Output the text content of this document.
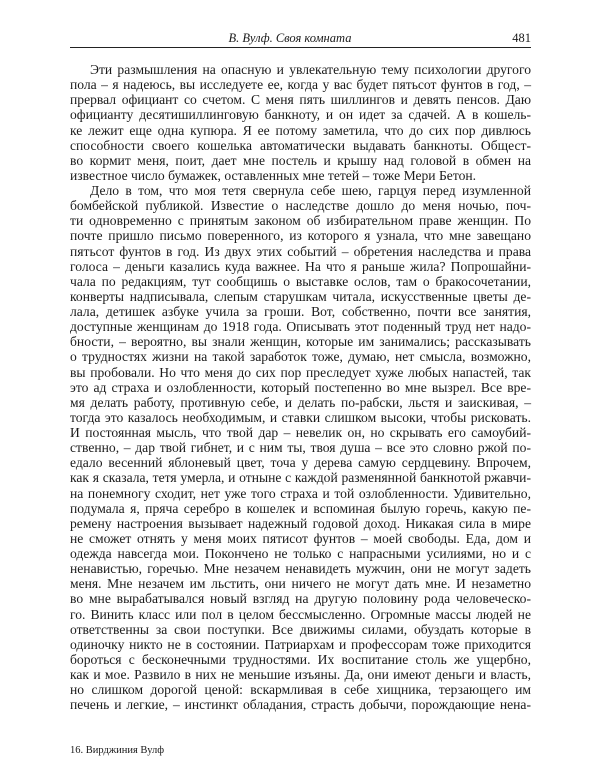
В. Вулф. Своя комната	481
Эти размышления на опасную и увлекательную тему психологии другого
пола – я надеюсь, вы исследуете ее, когда у вас будет пятьсот фунтов в год, –
прервал официант со счетом. С меня пять шиллингов и девять пенсов. Даю
официанту десятишиллинговую банкноту, и он идет за сдачей. А в кошель-
ке лежит еще одна купюра. Я ее потому заметила, что до сих пор дивлюсь
способности своего кошелька автоматически выдавать банкноты. Общест-
во кормит меня, поит, дает мне постель и крышу над головой в обмен на
известное число бумажек, оставленных мне тетей – тоже Мери Бетон.
Дело в том, что моя тетя свернула себе шею, гарцуя перед изумленной
бомбейской публикой. Известие о наследстве дошло до меня ночью, поч-
ти одновременно с принятым законом об избирательном праве женщин. По
почте пришло письмо поверенного, из которого я узнала, что мне завещано
пятьсот фунтов в год. Из двух этих событий – обретения наследства и права
голоса – деньги казались куда важнее. На что я раньше жила? Попрошайни-
чала по редакциям, тут сообщишь о выставке ослов, там о бракосочетании,
конверты надписывала, слепым старушкам читала, искусственные цветы де-
лала, детишек азбуке учила за гроши. Вот, собственно, почти все занятия,
доступные женщинам до 1918 года. Описывать этот поденный труд нет надо-
бности, – вероятно, вы знали женщин, которые им занимались; рассказывать
о трудностях жизни на такой заработок тоже, думаю, нет смысла, возможно,
вы пробовали. Но что меня до сих пор преследует хуже любых напастей, так
это ад страха и озлобленности, который постепенно во мне вызрел. Все вре-
мя делать работу, противную себе, и делать по-рабски, льстя и заискивая, –
тогда это казалось необходимым, и ставки слишком высоки, чтобы рисковать.
И постоянная мысль, что твой дар – невелик он, но скрывать его самоубий-
ственно, – дар твой гибнет, и с ним ты, твоя душа – все это словно ржой по-
едало весенний яблоневый цвет, точа у дерева самую сердцевину. Впрочем,
как я сказала, тетя умерла, и отныне с каждой разменянной банкнотой ржавчи-
на понемногу сходит, нет уже того страха и той озлобленности. Удивительно,
подумала я, пряча серебро в кошелек и вспоминая былую горечь, какую пе-
ремену настроения вызывает надежный годовой доход. Никакая сила в мире
не сможет отнять у меня моих пятисот фунтов – моей свободы. Еда, дом и
одежда навсегда мои. Покончено не только с напрасными усилиями, но и с
ненавистью, горечью. Мне незачем ненавидеть мужчин, они не могут задеть
меня. Мне незачем им льстить, они ничего не могут дать мне. И незаметно
во мне вырабатывался новый взгляд на другую половину рода человеческо-
го. Винить класс или пол в целом бессмысленно. Огромные массы людей не
ответственны за свои поступки. Все движимы силами, обуздать которые в
одиночку никто не в состоянии. Патриархам и профессорам тоже приходится
бороться с бесконечными трудностями. Их воспитание столь же ущербно,
как и мое. Развило в них не меньшие изъяны. Да, они имеют деньги и власть,
но слишком дорогой ценой: вскармливая в себе хищника, терзающего им
печень и легкие, – инстинкт обладания, страсть добычи, порождающие нена-
16. Вирджиния Вулф
